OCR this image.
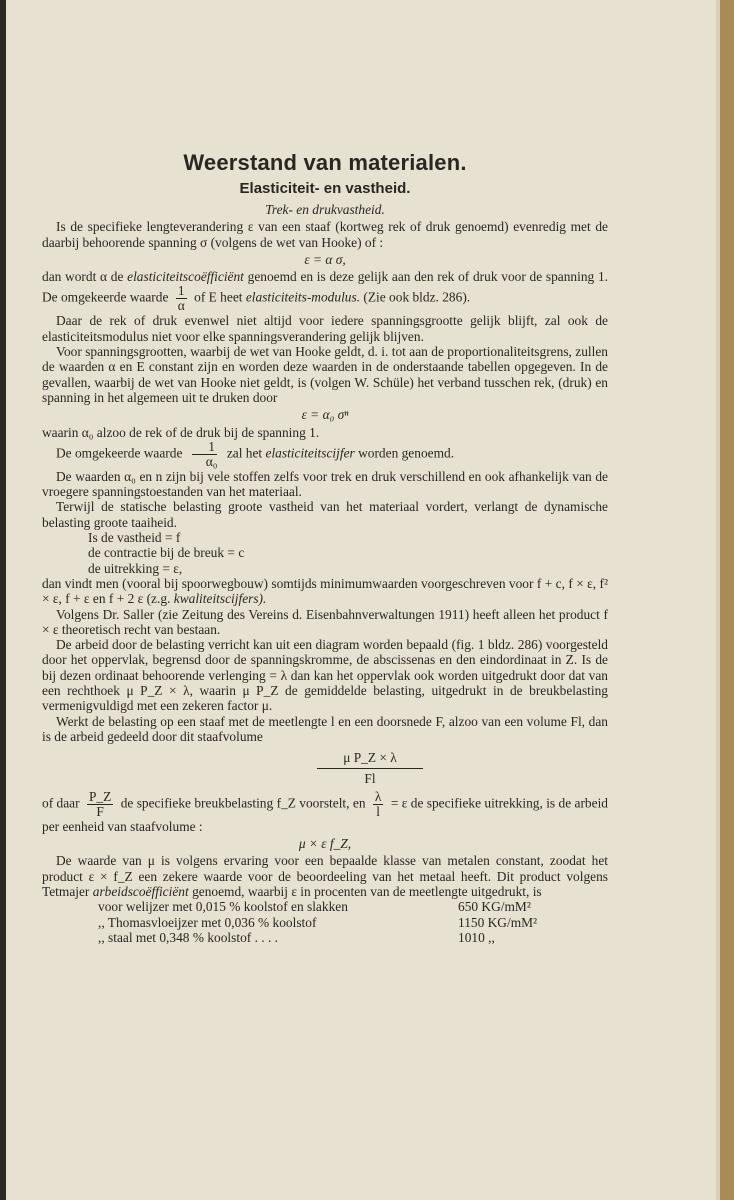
Weerstand van materialen.
Elasticiteit- en vastheid.
Trek- en drukvastheid.

Is de specifieke lengteverandering ε van een staaf (kortweg rek of druk genoemd) evenredig met de daarbij behoorende spanning σ (volgens de wet van Hooke) of :

ε = α σ,

dan wordt α de elasticiteitscoëfficiënt genoemd en is deze gelijk aan den rek of druk voor de spanning 1. De omgekeerde waarde $\frac{1}{\alpha}$ of E heet elasticiteits-modulus. (Zie ook bldz. 286).

Daar de rek of druk evenwel niet altijd voor iedere spanningsgrootte gelijk blijft, zal ook de elasticiteitsmodulus niet voor elke spanningsverandering gelijk blijven.

Voor spanningsgrootten, waarbij de wet van Hooke geldt, d. i. tot aan de proportionaliteitsgrens, zullen de waarden α en E constant zijn en worden deze waarden in de onderstaande tabellen opgegeven. In de gevallen, waarbij de wet van Hooke niet geldt, is (volgen W. Schüle) het verband tusschen rek, (druk) en spanning in het algemeen uit te druken door

ε = α₀ σⁿ

waarin α₀ alzoo de rek of de druk bij de spanning 1.

De omgekeerde waarde $\frac{1}{\text{α₀}}$ zal het elasticiteitscijfer worden genoemd.

De waarden α₀ en n zijn bij vele stoffen zelfs voor trek en druk verschillend en ook afhankelijk van de vroegere spanningstoestanden van het materiaal.

Terwijl de statische belasting groote vastheid van het materiaal vordert, verlangt de dynamische belasting groote taaiheid.

Is de vastheid = f
de contractie bij de breuk = c
de uitrekking = ε,

dan vindt men (vooral bij spoorwegbouw) somtijds minimumwaarden voorgeschreven voor f + c, f × ε, f² × ε, f + ε en f + 2 ε (z.g. kwaliteitscijfers).

Volgens Dr. Saller (zie Zeitung des Vereins d. Eisenbahnverwaltungen 1911) heeft alleen het product f × ε theoretisch recht van bestaan.

De arbeid door de belasting verricht kan uit een diagram worden bepaald (fig. 1 bldz. 286) voorgesteld door het oppervlak, begrensd door de spanningskromme, de abscissenas en den eindordinaat in Z. Is de bij dezen ordinaat behoorende verlenging = λ dan kan het oppervlak ook worden uitgedrukt door dat van een rechthoek μ P_Z × λ, waarin μ P_Z de gemiddelde belasting, uitgedrukt in de breukbelasting vermenigvuldigd met een zekeren factor μ.

Werkt de belasting op een staaf met de meetlengte l en een doorsnede F, alzoo van een volume Fl, dan is de arbeid gedeeld door dit staafvolume

μ P_Z × λ
Fl

of daar $\frac{P\_Z}{F}$ de specifieke breukbelasting f_Z voorstelt, en $\frac{\lambda}{l} = \varepsilon$ de specifieke uitrekking, is de arbeid per eenheid van staafvolume :

μ × ε f_Z,

De waarde van μ is volgens ervaring voor een bepaalde klasse van metalen constant, zoodat het product ε × f_Z een zekere waarde voor de beoordeeling van het metaal heeft. Dit product volgens Tetmajer arbeidscoëfficiënt genoemd, waarbij ε in procenten van de meetlengte uitgedrukt, is

voor welijzer met 0,015 % koolstof en slakken	650 KG/mM²
,, Thomasvloeijzer met 0,036 % koolstof	1150 KG/mM²
,, staal met 0,348 % koolstof . . . .	1010 ,,
